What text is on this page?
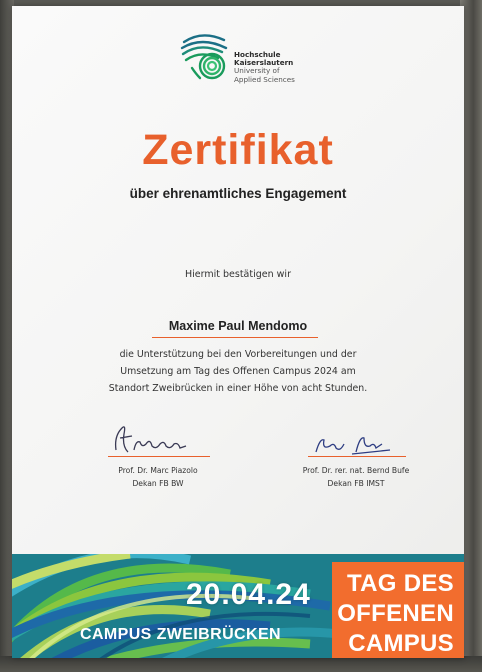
Hochschule
Kaiserslautern
University of
Applied Sciences
Zertifikat
über ehrenamtliches Engagement
Hiermit bestätigen wir
Maxime Paul Mendomo
die Unterstützung bei den Vorbereitungen und der
Umsetzung am Tag des Offenen Campus 2024 am
Standort Zweibrücken in einer Höhe von acht Stunden.
Prof. Dr. Marc Piazolo
Dekan FB BW
Prof. Dr. rer. nat. Bernd Bufe
Dekan FB IMST
20.04.24
CAMPUS ZWEIBRÜCKEN
TAG DES
OFFENEN
CAMPUS
